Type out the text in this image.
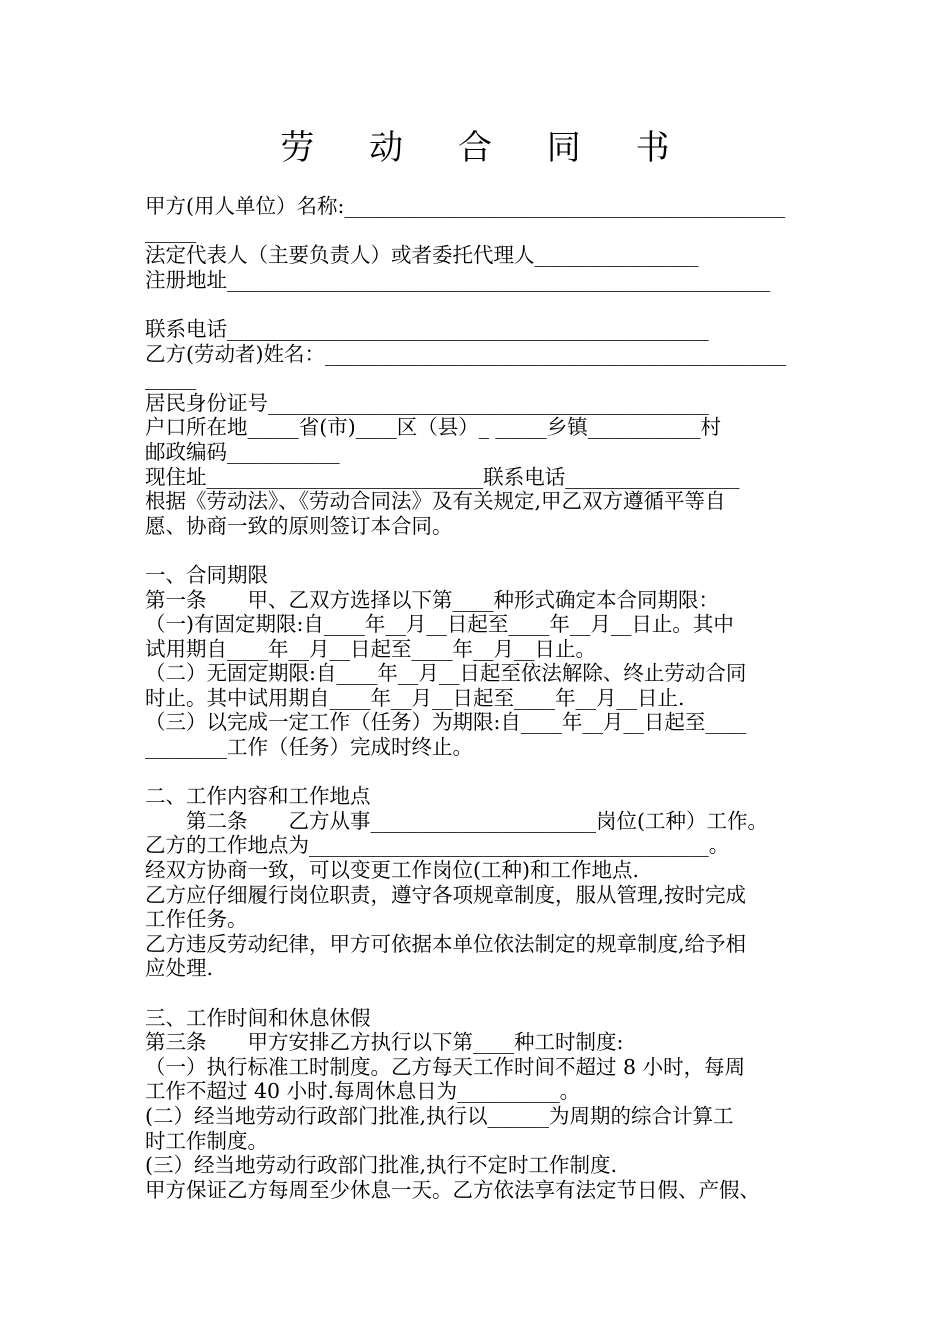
劳 动 合 同 书
甲方(用人单位）名称:___________________________________________
_____
法定代表人（主要负责人）或者委托代理人________________
注册地址_____________________________________________________
联系电话_______________________________________________
乙方(劳动者)姓名：_____________________________________________
_____
居民身份证号___________________________________________
户口所在地_____省(市)____区（县）_ _____乡镇___________村
邮政编码___________
现住址___________________________联系电话_________________
根据《劳动法》、《劳动合同法》及有关规定,甲乙双方遵循平等自
愿、协商一致的原则签订本合同。
一、合同期限
第一条　　甲、乙双方选择以下第____种形式确定本合同期限：
（一)有固定期限:自____年__月__日起至____年__月__日止。其中
试用期自____年__月__日起至____年__月__日止。
（二）无固定期限:自____年__月__日起至依法解除、终止劳动合同
时止。其中试用期自____年__月__日起至____年__月__日止.
（三）以完成一定工作（任务）为期限:自____年__月__日起至____
________工作（任务）完成时终止。
二、工作内容和工作地点
　　第二条　　乙方从事______________________岗位(工种）工作。
乙方的工作地点为_______________________________________。
经双方协商一致，可以变更工作岗位(工种)和工作地点.
乙方应仔细履行岗位职责，遵守各项规章制度，服从管理,按时完成
工作任务。
乙方违反劳动纪律，甲方可依据本单位依法制定的规章制度,给予相
应处理.
三、工作时间和休息休假
第三条　　甲方安排乙方执行以下第____种工时制度:
（一）执行标准工时制度。乙方每天工作时间不超过 8 小时，每周
工作不超过 40 小时.每周休息日为__________。
(二）经当地劳动行政部门批准,执行以______为周期的综合计算工
时工作制度。
(三）经当地劳动行政部门批准,执行不定时工作制度.
甲方保证乙方每周至少休息一天。乙方依法享有法定节日假、产假、
